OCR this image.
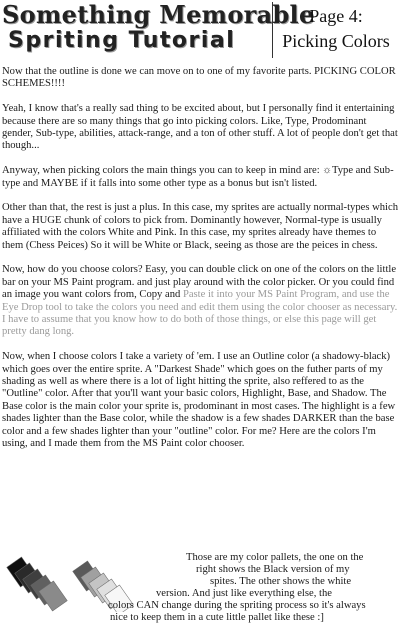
Something Memorable
Spriting Tutorial
Page 4:
Picking Colors

Now that the outline is done we can move on to one of my favorite parts. PICKING COLOR SCHEMES!!!!

Yeah, I know that's a really sad thing to be excited about, but I personally find it entertaining because there are so many things that go into picking colors. Like, Type, Prodominant gender, Sub-type, abilities, attack-range, and a ton of other stuff. A lot of people don't get that though...

Anyway, when picking colors the main things you can to keep in mind are: ☼Type and Sub-type and MAYBE if it falls into some other type as a bonus but isn't listed.

Other than that, the rest is just a plus. In this case, my sprites are actually normal-types which have a HUGE chunk of colors to pick from. Dominantly however, Normal-type is usually affiliated with the colors White and Pink. In this case, my sprites already have themes to them (Chess Peices) So it will be White or Black, seeing as those are the peices in chess.

Now, how do you choose colors? Easy, you can double click on one of the colors on the little bar on your MS Paint program. and just play around with the color picker. Or you could find an image you want colors from, Copy and Paste it into your MS Paint Program, and use the Eye Drop tool to take the colors you need and edit them using the color chooser as necessary. I have to assume that you know how to do both of those things, or else this page will get pretty dang long.

Now, when I choose colors I take a variety of 'em. I use an Outline color (a shadowy-black) which goes over the entire sprite. A "Darkest Shade" which goes on the futher parts of my shading as well as where there is a lot of light hitting the sprite, also reffered to as the "Outline" color. After that you'll want your basic colors, Highlight, Base, and Shadow. The Base color is the main color your sprite is, prodominant in most cases. The highlight is a few shades lighter than the Base color, while the shadow is a few shades DARKER than the base color and a few shades lighter than your "outline" color. For me? Here are the colors I'm using, and I made them from the MS Paint color chooser.

Those are my color pallets, the one on the
right shows the Black version of my
spites. The other shows the white
version. And just like everything else, the
colors CAN change during the spriting process so it's always
nice to keep them in a cute little pallet like these :]
